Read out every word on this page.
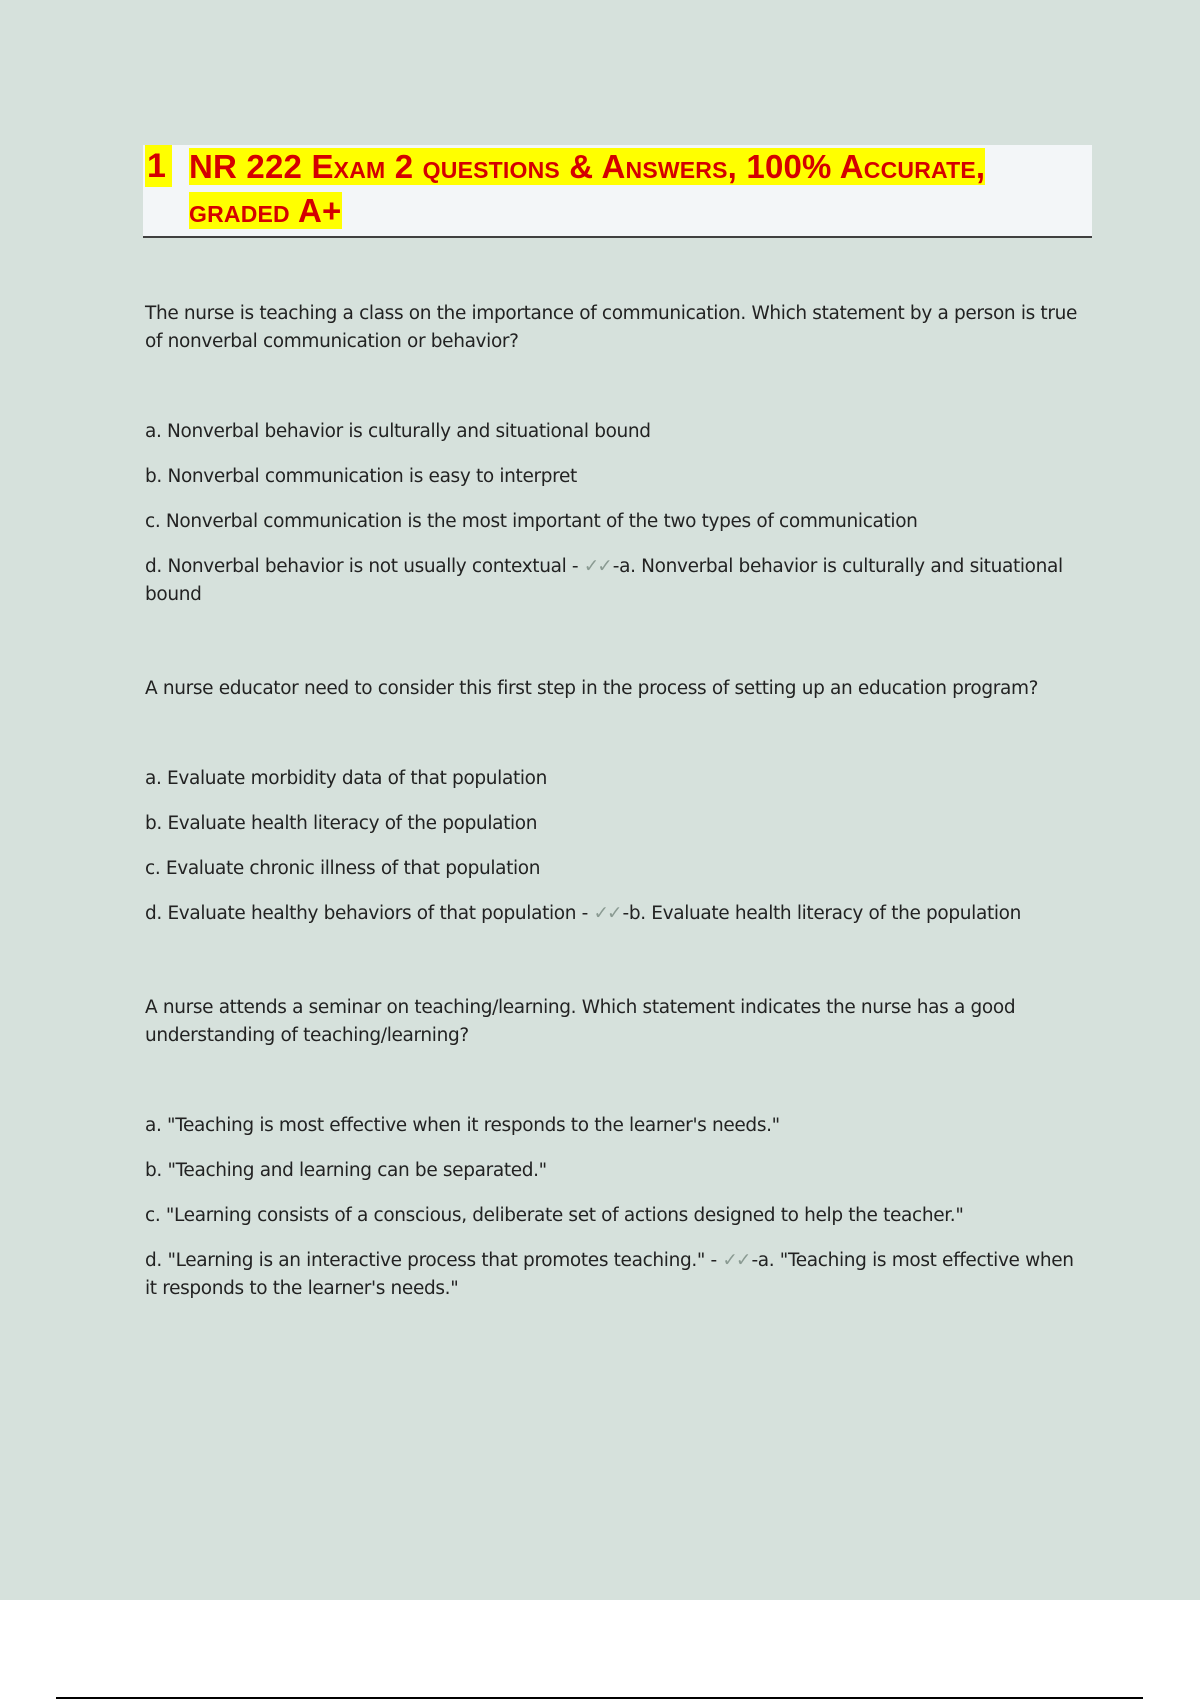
1 NR 222 Exam 2 questions & Answers, 100% Accurate, graded A+

The nurse is teaching a class on the importance of communication. Which statement by a person is true of nonverbal communication or behavior?

a. Nonverbal behavior is culturally and situational bound

b. Nonverbal communication is easy to interpret

c. Nonverbal communication is the most important of the two types of communication

d. Nonverbal behavior is not usually contextual - ✓✓ -a. Nonverbal behavior is culturally and situational bound

A nurse educator need to consider this first step in the process of setting up an education program?

a. Evaluate morbidity data of that population

b. Evaluate health literacy of the population

c. Evaluate chronic illness of that population

d. Evaluate healthy behaviors of that population - ✓✓ -b. Evaluate health literacy of the population

A nurse attends a seminar on teaching/learning. Which statement indicates the nurse has a good understanding of teaching/learning?

a. "Teaching is most effective when it responds to the learner's needs."

b. "Teaching and learning can be separated."

c. "Learning consists of a conscious, deliberate set of actions designed to help the teacher."

d. "Learning is an interactive process that promotes teaching." - ✓✓ -a. "Teaching is most effective when it responds to the learner's needs."
